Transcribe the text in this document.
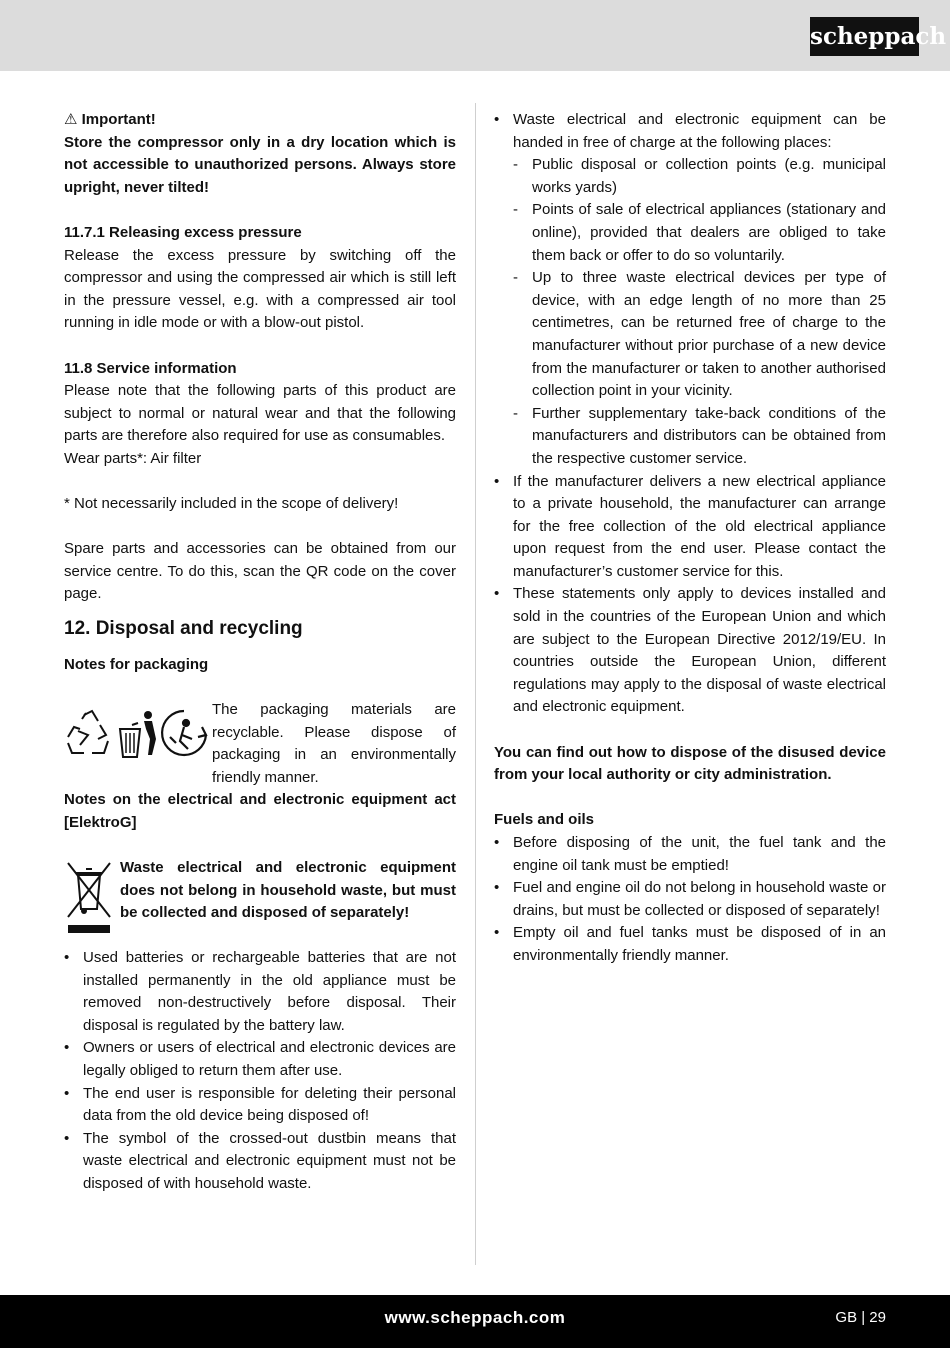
scheppach

⚠ Important!

Store the compressor only in a dry location which is not accessible to unauthorized persons. Always store upright, never tilted!

11.7.1 Releasing excess pressure

Release the excess pressure by switching off the compressor and using the compressed air which is still left in the pressure vessel, e.g. with a compressed air tool running in idle mode or with a blow-out pistol.

11.8 Service information

Please note that the following parts of this product are subject to normal or natural wear and that the following parts are therefore also required for use as consumables.

Wear parts*: Air filter

* Not necessarily included in the scope of delivery!

Spare parts and accessories can be obtained from our service centre. To do this, scan the QR code on the cover page.

12. Disposal and recycling

Notes for packaging

The packaging materials are recyclable. Please dispose of packaging in an environmentally friendly manner.

Notes on the electrical and electronic equipment act [ElektroG]

Waste electrical and electronic equipment does not belong in household waste, but must be collected and disposed of separately!

• Used batteries or rechargeable batteries that are not installed permanently in the old appliance must be removed non-destructively before disposal. Their disposal is regulated by the battery law.
• Owners or users of electrical and electronic devices are legally obliged to return them after use.
• The end user is responsible for deleting their personal data from the old device being disposed of!
• The symbol of the crossed-out dustbin means that waste electrical and electronic equipment must not be disposed of with household waste.
• Waste electrical and electronic equipment can be handed in free of charge at the following places:
- Public disposal or collection points (e.g. municipal works yards)
- Points of sale of electrical appliances (stationary and online), provided that dealers are obliged to take them back or offer to do so voluntarily.
- Up to three waste electrical devices per type of device, with an edge length of no more than 25 centimetres, can be returned free of charge to the manufacturer without prior purchase of a new device from the manufacturer or taken to another authorised collection point in your vicinity.
- Further supplementary take-back conditions of the manufacturers and distributors can be obtained from the respective customer service.
• If the manufacturer delivers a new electrical appliance to a private household, the manufacturer can arrange for the free collection of the old electrical appliance upon request from the end user. Please contact the manufacturer’s customer service for this.
• These statements only apply to devices installed and sold in the countries of the European Union and which are subject to the European Directive 2012/19/EU. In countries outside the European Union, different regulations may apply to the disposal of waste electrical and electronic equipment.

You can find out how to dispose of the disused device from your local authority or city administration.

Fuels and oils

• Before disposing of the unit, the fuel tank and the engine oil tank must be emptied!
• Fuel and engine oil do not belong in household waste or drains, but must be collected or disposed of separately!
• Empty oil and fuel tanks must be disposed of in an environmentally friendly manner.
www.scheppach.com	GB | 29
